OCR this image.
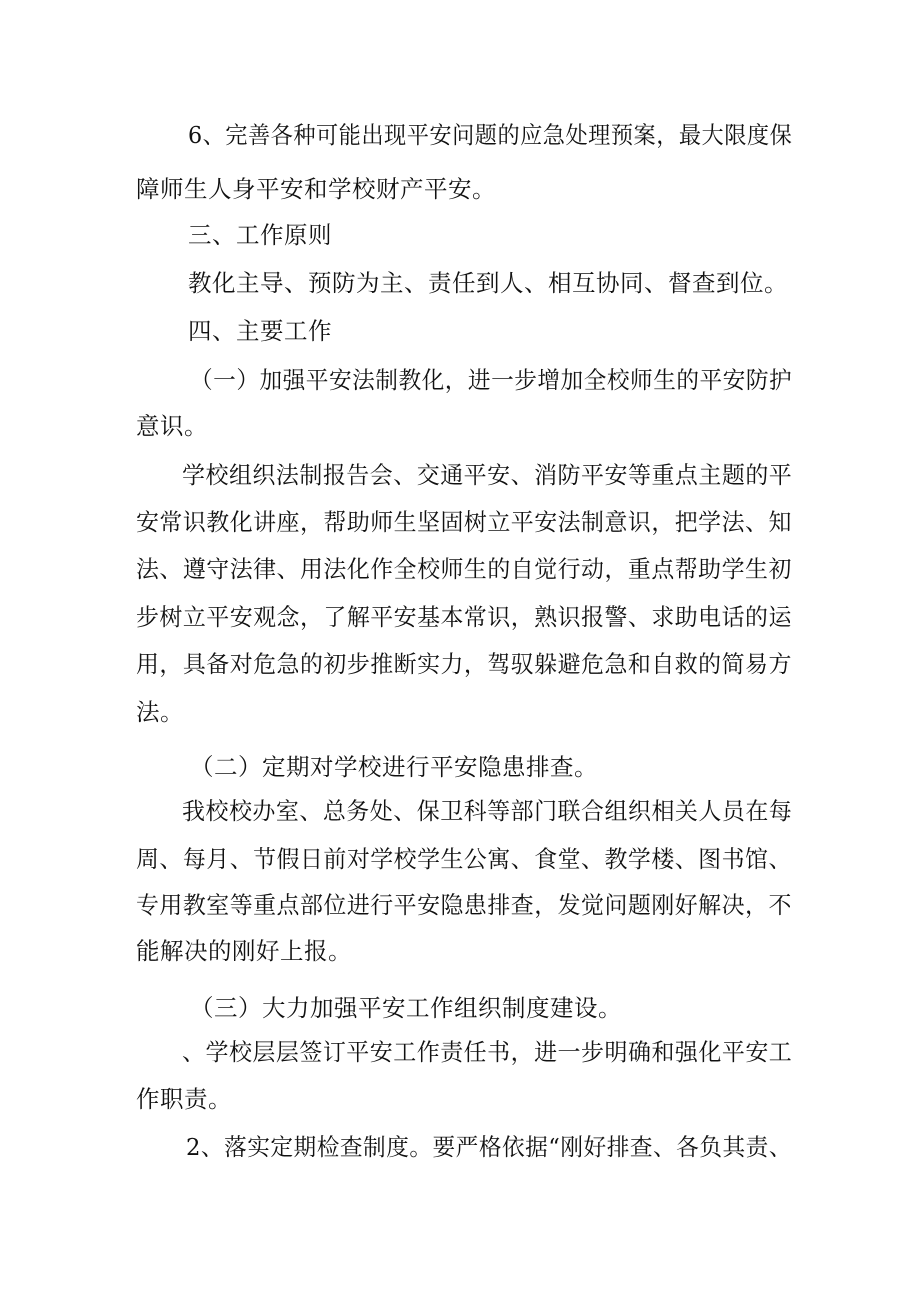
6、完善各种可能出现平安问题的应急处理预案，最大限度保
障师生人身平安和学校财产平安。
三、工作原则
教化主导、预防为主、责任到人、相互协同、督查到位。
四、主要工作
（一）加强平安法制教化，进一步增加全校师生的平安防护
意识。
学校组织法制报告会、交通平安、消防平安等重点主题的平
安常识教化讲座，帮助师生坚固树立平安法制意识，把学法、知
法、遵守法律、用法化作全校师生的自觉行动，重点帮助学生初
步树立平安观念，了解平安基本常识，熟识报警、求助电话的运
用，具备对危急的初步推断实力，驾驭躲避危急和自救的简易方
法。
（二）定期对学校进行平安隐患排查。
我校校办室、总务处、保卫科等部门联合组织相关人员在每
周、每月、节假日前对学校学生公寓、食堂、教学楼、图书馆、
专用教室等重点部位进行平安隐患排查，发觉问题刚好解决，不
能解决的刚好上报。
（三）大力加强平安工作组织制度建设。
、学校层层签订平安工作责任书，进一步明确和强化平安工
作职责。
2、落实定期检查制度。要严格依据“刚好排查、各负其责、
